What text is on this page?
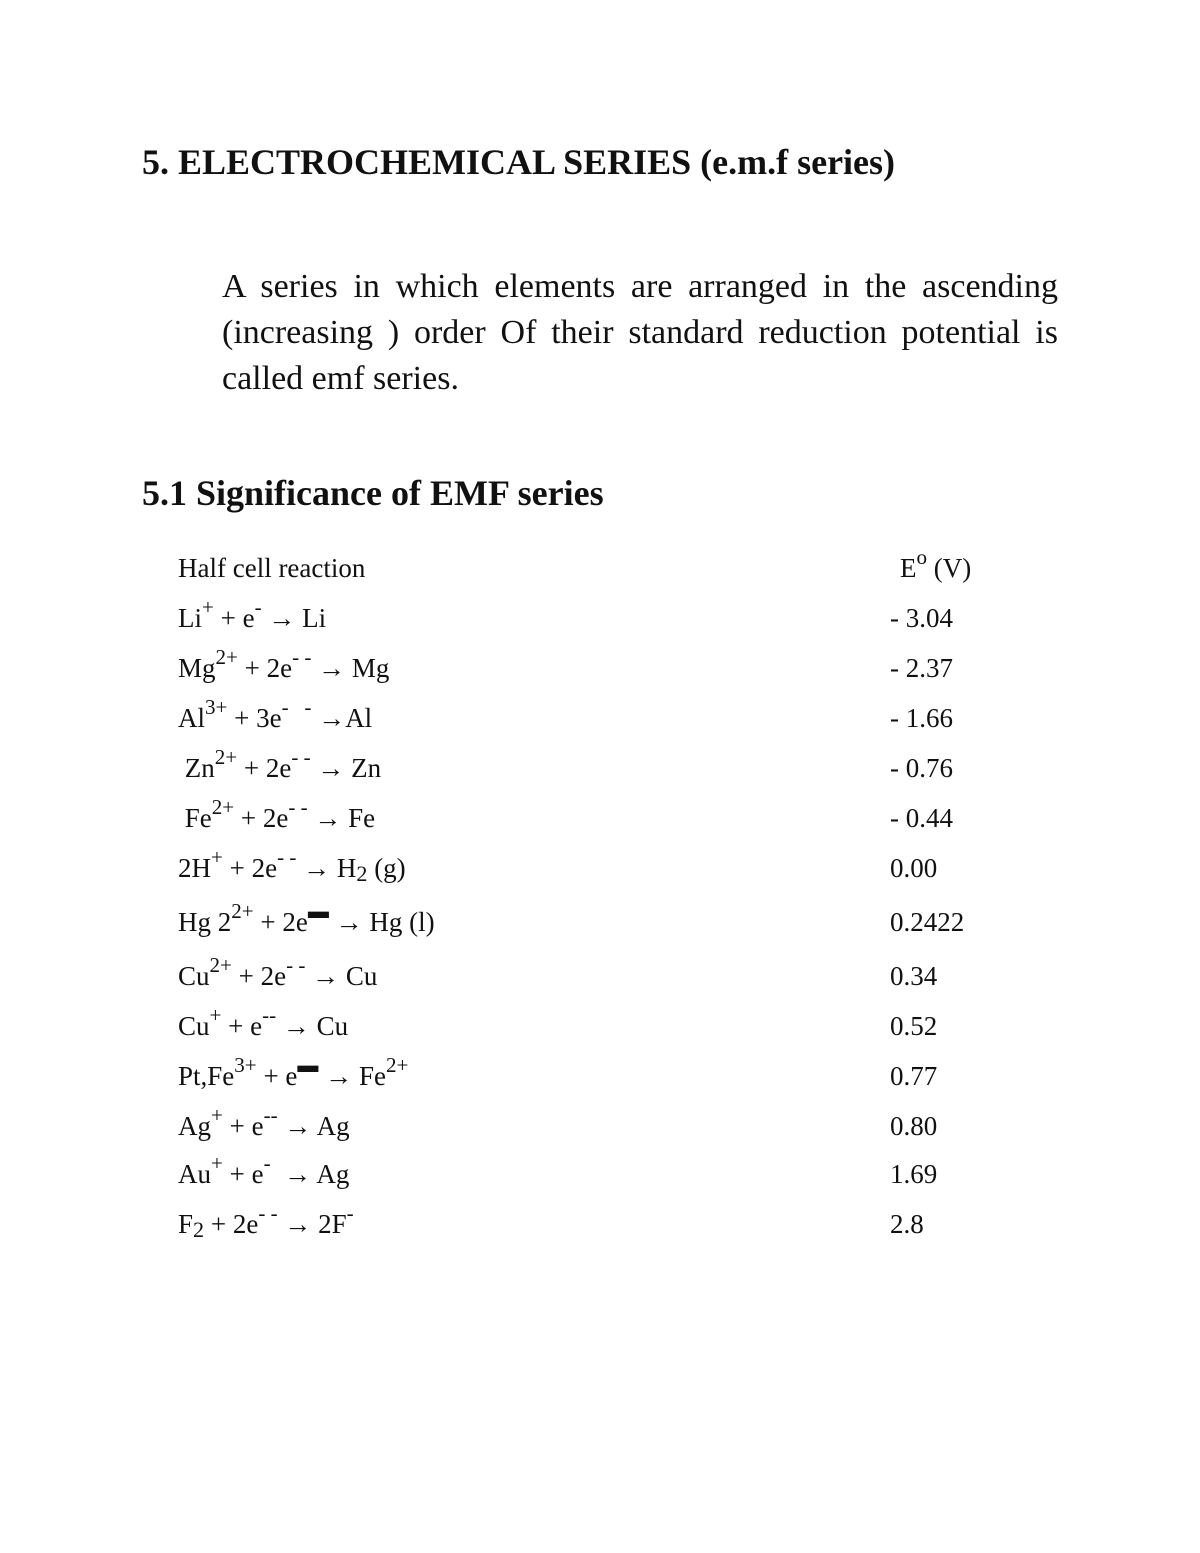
5. ELECTROCHEMICAL SERIES (e.m.f series)

A series in which elements are arranged in the ascending (increasing ) order Of their standard reduction potential is called emf series.

5.1 Significance of EMF series
Half cell reaction	$E^o$ (V)
Li+ + e- → Li	- 3.04
$Mg^{2+} + 2e^{- -} \to Mg$	- 2.37
$Al^{3+} + 3e^{- -} \to Al$	- 1.66
$Zn^{2+} + 2e^{- -} \to Zn$	- 0.76
$Fe^{2+} + 2e^{- -} \to Fe$	- 0.44
$2H^+ + 2e^{- -} \to H_2$ (g)	0.00
Hg $2^{2+} + 2e^▬ \to Hg$ (l)	0.2422
$Cu^{2+} + 2e^{- -} \to Cu$	0.34
Cu+ + e-- → Cu	0.52
$Pt,Fe^{3+} + e^▬ \to Fe^{2+}$	0.77
Ag+ + e-- → Ag	0.80
Au+ + e-  → Ag	1.69
$F_2 + 2e^{- -} \to 2F^-$	2.8
